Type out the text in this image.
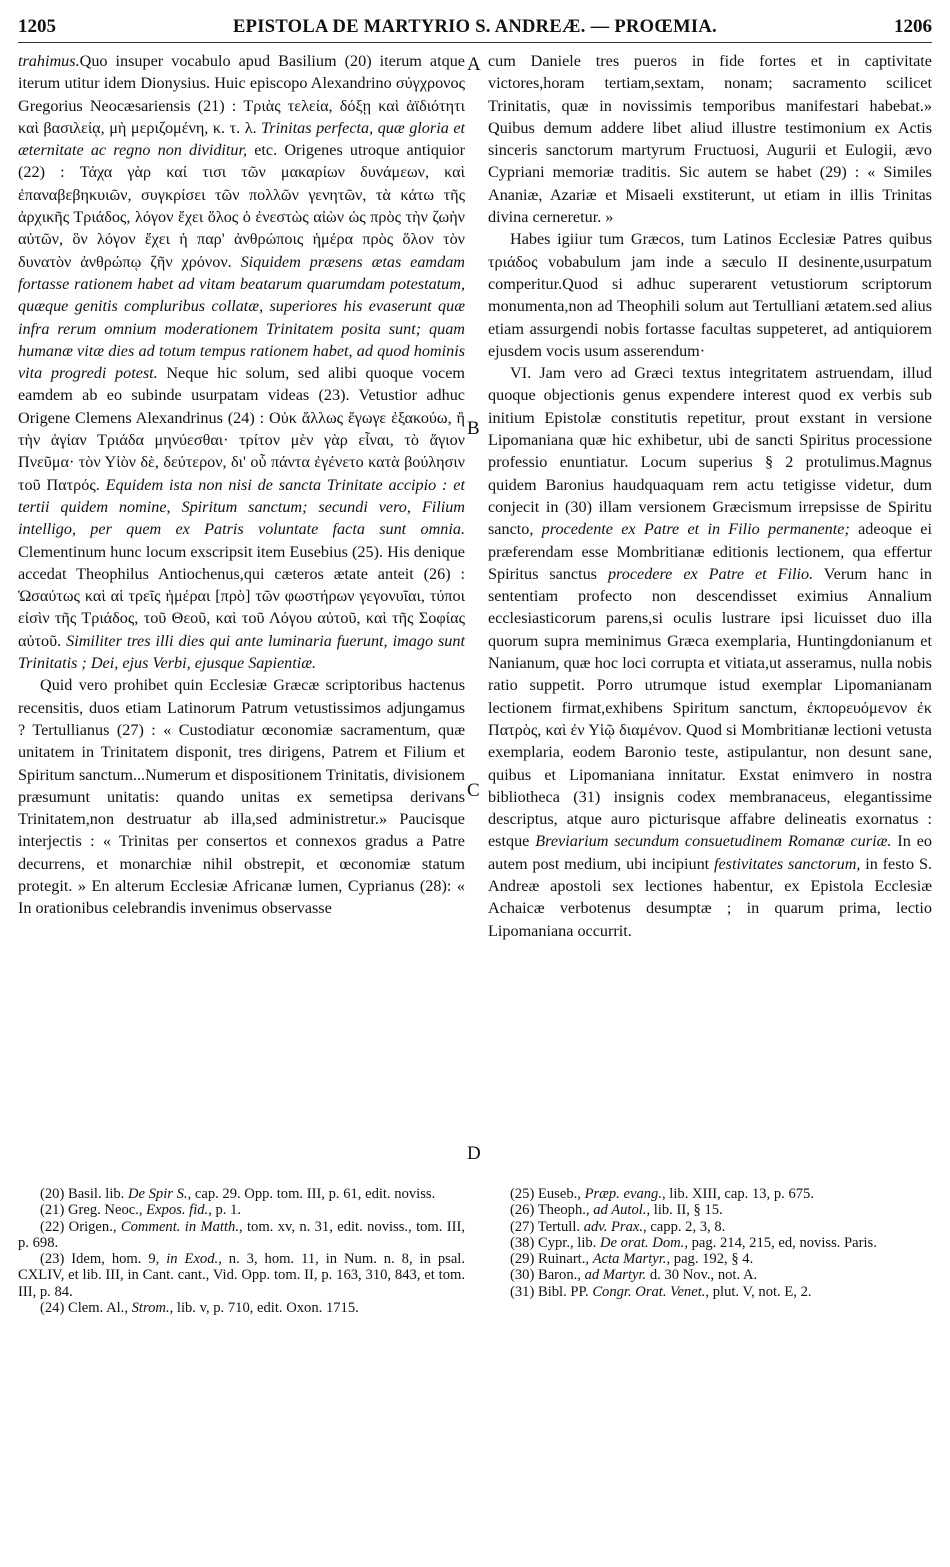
1205	EPISTOLA DE MARTYRIO S. ANDREÆ. — PROŒMIA.	1206
A
B
C
D

trahimus.Quo insuper vocabulo apud Basilium (20) iterum atque iterum utitur idem Dionysius. Huic episcopo Alexandrino σύγχρονος Gregorius Neocæsariensis (21) : Τριὰς τελεία, δόξῃ καὶ ἀϊδιότητι καὶ βασιλείᾳ, μὴ μεριζομένη, κ. τ. λ. Trinitas perfecta, quæ gloria et æternitate ac regno non dividitur, etc. Origenes utroque antiquior (22) : Τάχα γὰρ καί τισι τῶν μακαρίων δυνάμεων, καὶ ἐπαναβεβηκυιῶν, συγκρίσει τῶν πολλῶν γενητῶν, τὰ κάτω τῆς ἀρχικῆς Τριάδος, λόγον ἔχει ὅλος ὁ ἐνεστὼς αἰὼν ὡς πρὸς τὴν ζωὴν αὐτῶν, ὃν λόγον ἔχει ἡ παρ' ἀνθρώποις ἡμέρα πρὸς ὅλον τὸν δυνατὸν ἀνθρώπῳ ζῆν χρόνον. Siquidem præsens ætas eamdam fortasse rationem habet ad vitam beatarum quarumdam potestatum, quæque genitis compluribus collatæ, superiores his evaserunt quæ infra rerum omnium moderationem Trinitatem posita sunt; quam humanæ vitæ dies ad totum tempus rationem habet, ad quod hominis vita progredi potest. Neque hic solum, sed alibi quoque vocem eamdem ab eo subinde usurpatam videas (23). Vetustior adhuc Origene Clemens Alexandrinus (24) : Οὐκ ἄλλως ἔγωγε ἐξακούω, ἢ τὴν ἁγίαν Τριάδα μηνύεσθαι· τρίτον μὲν γὰρ εἶναι, τὸ ἅγιον Πνεῦμα· τὸν Υἱὸν δὲ, δεύτερον, δι' οὗ πάντα ἐγένετο κατὰ βούλησιν τοῦ Πατρός. Equidem ista non nisi de sancta Trinitate accipio : et tertii quidem nomine, Spiritum sanctum; secundi vero, Filium intelligo, per quem ex Patris voluntate facta sunt omnia. Clementinum hunc locum exscripsit item Eusebius (25). His denique accedat Theophilus Antiochenus,qui cæteros ætate anteit (26) : Ὡσαύτως καὶ αἱ τρεῖς ἡμέραι [πρὸ] τῶν φωστήρων γεγονυῖαι, τύποι εἰσὶν τῆς Τριάδος, τοῦ Θεοῦ, καὶ τοῦ Λόγου αὐτοῦ, καὶ τῆς Σοφίας αὐτοῦ. Similiter tres illi dies qui ante luminaria fuerunt, imago sunt Trinitatis ; Dei, ejus Verbi, ejusque Sapientiæ.

Quid vero prohibet quin Ecclesiæ Græcæ scriptoribus hactenus recensitis, duos etiam Latinorum Patrum vetustissimos adjungamus ? Tertullianus (27) : « Custodiatur œconomiæ sacramentum, quæ unitatem in Trinitatem disponit, tres dirigens, Patrem et Filium et Spiritum sanctum...Numerum et dispositionem Trinitatis, divisionem præsumunt unitatis: quando unitas ex semetipsa derivans Trinitatem,non destruatur ab illa,sed administretur.» Paucisque interjectis : « Trinitas per consertos et connexos gradus a Patre decurrens, et monarchiæ nihil obstrepit, et œconomiæ statum protegit. » En alterum Ecclesiæ Africanæ lumen, Cyprianus (28): « In orationibus celebrandis invenimus observasse

cum Daniele tres pueros in fide fortes et in captivitate victores,horam tertiam,sextam, nonam; sacramento scilicet Trinitatis, quæ in novissimis temporibus manifestari habebat.» Quibus demum addere libet aliud illustre testimonium ex Actis sinceris sanctorum martyrum Fructuosi, Augurii et Eulogii, ævo Cypriani memoriæ traditis. Sic autem se habet (29) : « Similes Ananiæ, Azariæ et Misaeli exstiterunt, ut etiam in illis Trinitas divina cerneretur. »

Habes igiiur tum Græcos, tum Latinos Ecclesiæ Patres quibus τριάδος vobabulum jam inde a sæculo II desinente,usurpatum comperitur.Quod si adhuc superarent vetustiorum scriptorum monumenta,non ad Theophili solum aut Tertulliani ætatem.sed alius etiam assurgendi nobis fortasse facultas suppeteret, ad antiquiorem ejusdem vocis usum asserendum·

VI. Jam vero ad Græci textus integritatem astruendam, illud quoque objectionis genus expendere interest quod ex verbis sub initium Epistolæ constitutis repetitur, prout exstant in versione Lipomaniana quæ hic exhibetur, ubi de sancti Spiritus processione professio enuntiatur. Locum superius § 2 protulimus.Magnus quidem Baronius haudquaquam rem actu tetigisse videtur, dum conjecit in (30) illam versionem Græcismum irrepsisse de Spiritu sancto, procedente ex Patre et in Filio permanente; adeoque ei præferendam esse Mombritianæ editionis lectionem, qua effertur Spiritus sanctus procedere ex Patre et Filio. Verum hanc in sententiam profecto non descendisset eximius Annalium ecclesiasticorum parens,si oculis lustrare ipsi licuisset duo illa quorum supra meminimus Græca exemplaria, Huntingdonianum et Nanianum, quæ hoc loci corrupta et vitiata,ut asseramus, nulla nobis ratio suppetit. Porro utrumque istud exemplar Lipomanianam lectionem firmat,exhibens Spiritum sanctum, ἐκπορευόμενον ἐκ Πατρὸς, καὶ ἐν Υἱῷ διαμένον. Quod si Mombritianæ lectioni vetusta exemplaria, eodem Baronio teste, astipulantur, non desunt sane, quibus et Lipomaniana innitatur. Exstat enimvero in nostra bibliotheca (31) insignis codex membranaceus, elegantissime descriptus, atque auro picturisque affabre delineatis exornatus : estque Breviarium secundum consuetudinem Romanæ curiæ. In eo autem post medium, ubi incipiunt festivitates sanctorum, in festo S. Andreæ apostoli sex lectiones habentur, ex Epistola Ecclesiæ Achaicæ verbotenus desumptæ ; in quarum prima, lectio Lipomaniana occurrit.

(20) Basil. lib. De Spir S., cap. 29. Opp. tom. III, p. 61, edit. noviss.

(21) Greg. Neoc., Expos. fid., p. 1.

(22) Origen., Comment. in Matth., tom. xv, n. 31, edit. noviss., tom. III, p. 698.

(23) Idem, hom. 9, in Exod., n. 3, hom. 11, in Num. n. 8, in psal. CXLIV, et lib. III, in Cant. cant., Vid. Opp. tom. II, p. 163, 310, 843, et tom. III, p. 84.

(24) Clem. Al., Strom., lib. v, p. 710, edit. Oxon. 1715.

(25) Euseb., Præp. evang., lib. XIII, cap. 13, p. 675.

(26) Theoph., ad Autol., lib. II, § 15.

(27) Tertull. adv. Prax., capp. 2, 3, 8.

(38) Cypr., lib. De orat. Dom., pag. 214, 215, ed, noviss. Paris.

(29) Ruinart., Acta Martyr., pag. 192, § 4.

(30) Baron., ad Martyr. d. 30 Nov., not. A.

(31) Bibl. PP. Congr. Orat. Venet., plut. V, not. E, 2.
